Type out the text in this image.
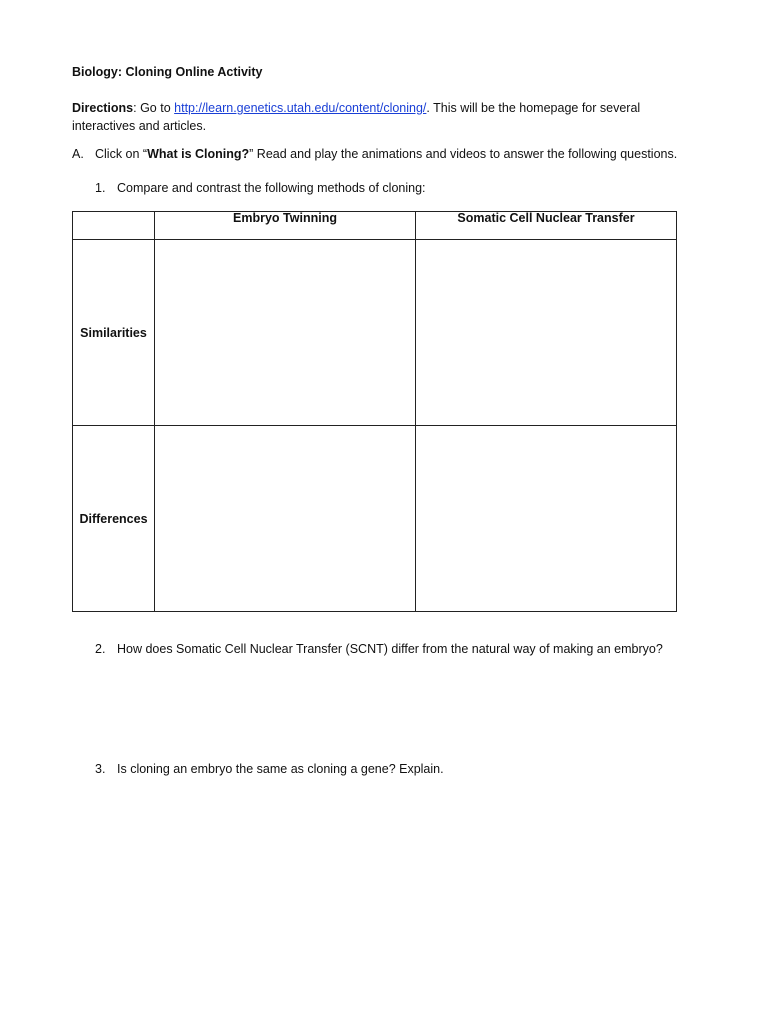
Biology: Cloning Online Activity
Directions: Go to http://learn.genetics.utah.edu/content/cloning/. This will be the homepage for several
interactives and articles.
A. Click on “What is Cloning?” Read and play the animations and videos to answer the following questions.
1. Compare and contrast the following methods of cloning:
	Embryo Twinning	Somatic Cell Nuclear Transfer
Similarities		
Differences		
2. How does Somatic Cell Nuclear Transfer (SCNT) differ from the natural way of making an embryo?
3. Is cloning an embryo the same as cloning a gene? Explain.
